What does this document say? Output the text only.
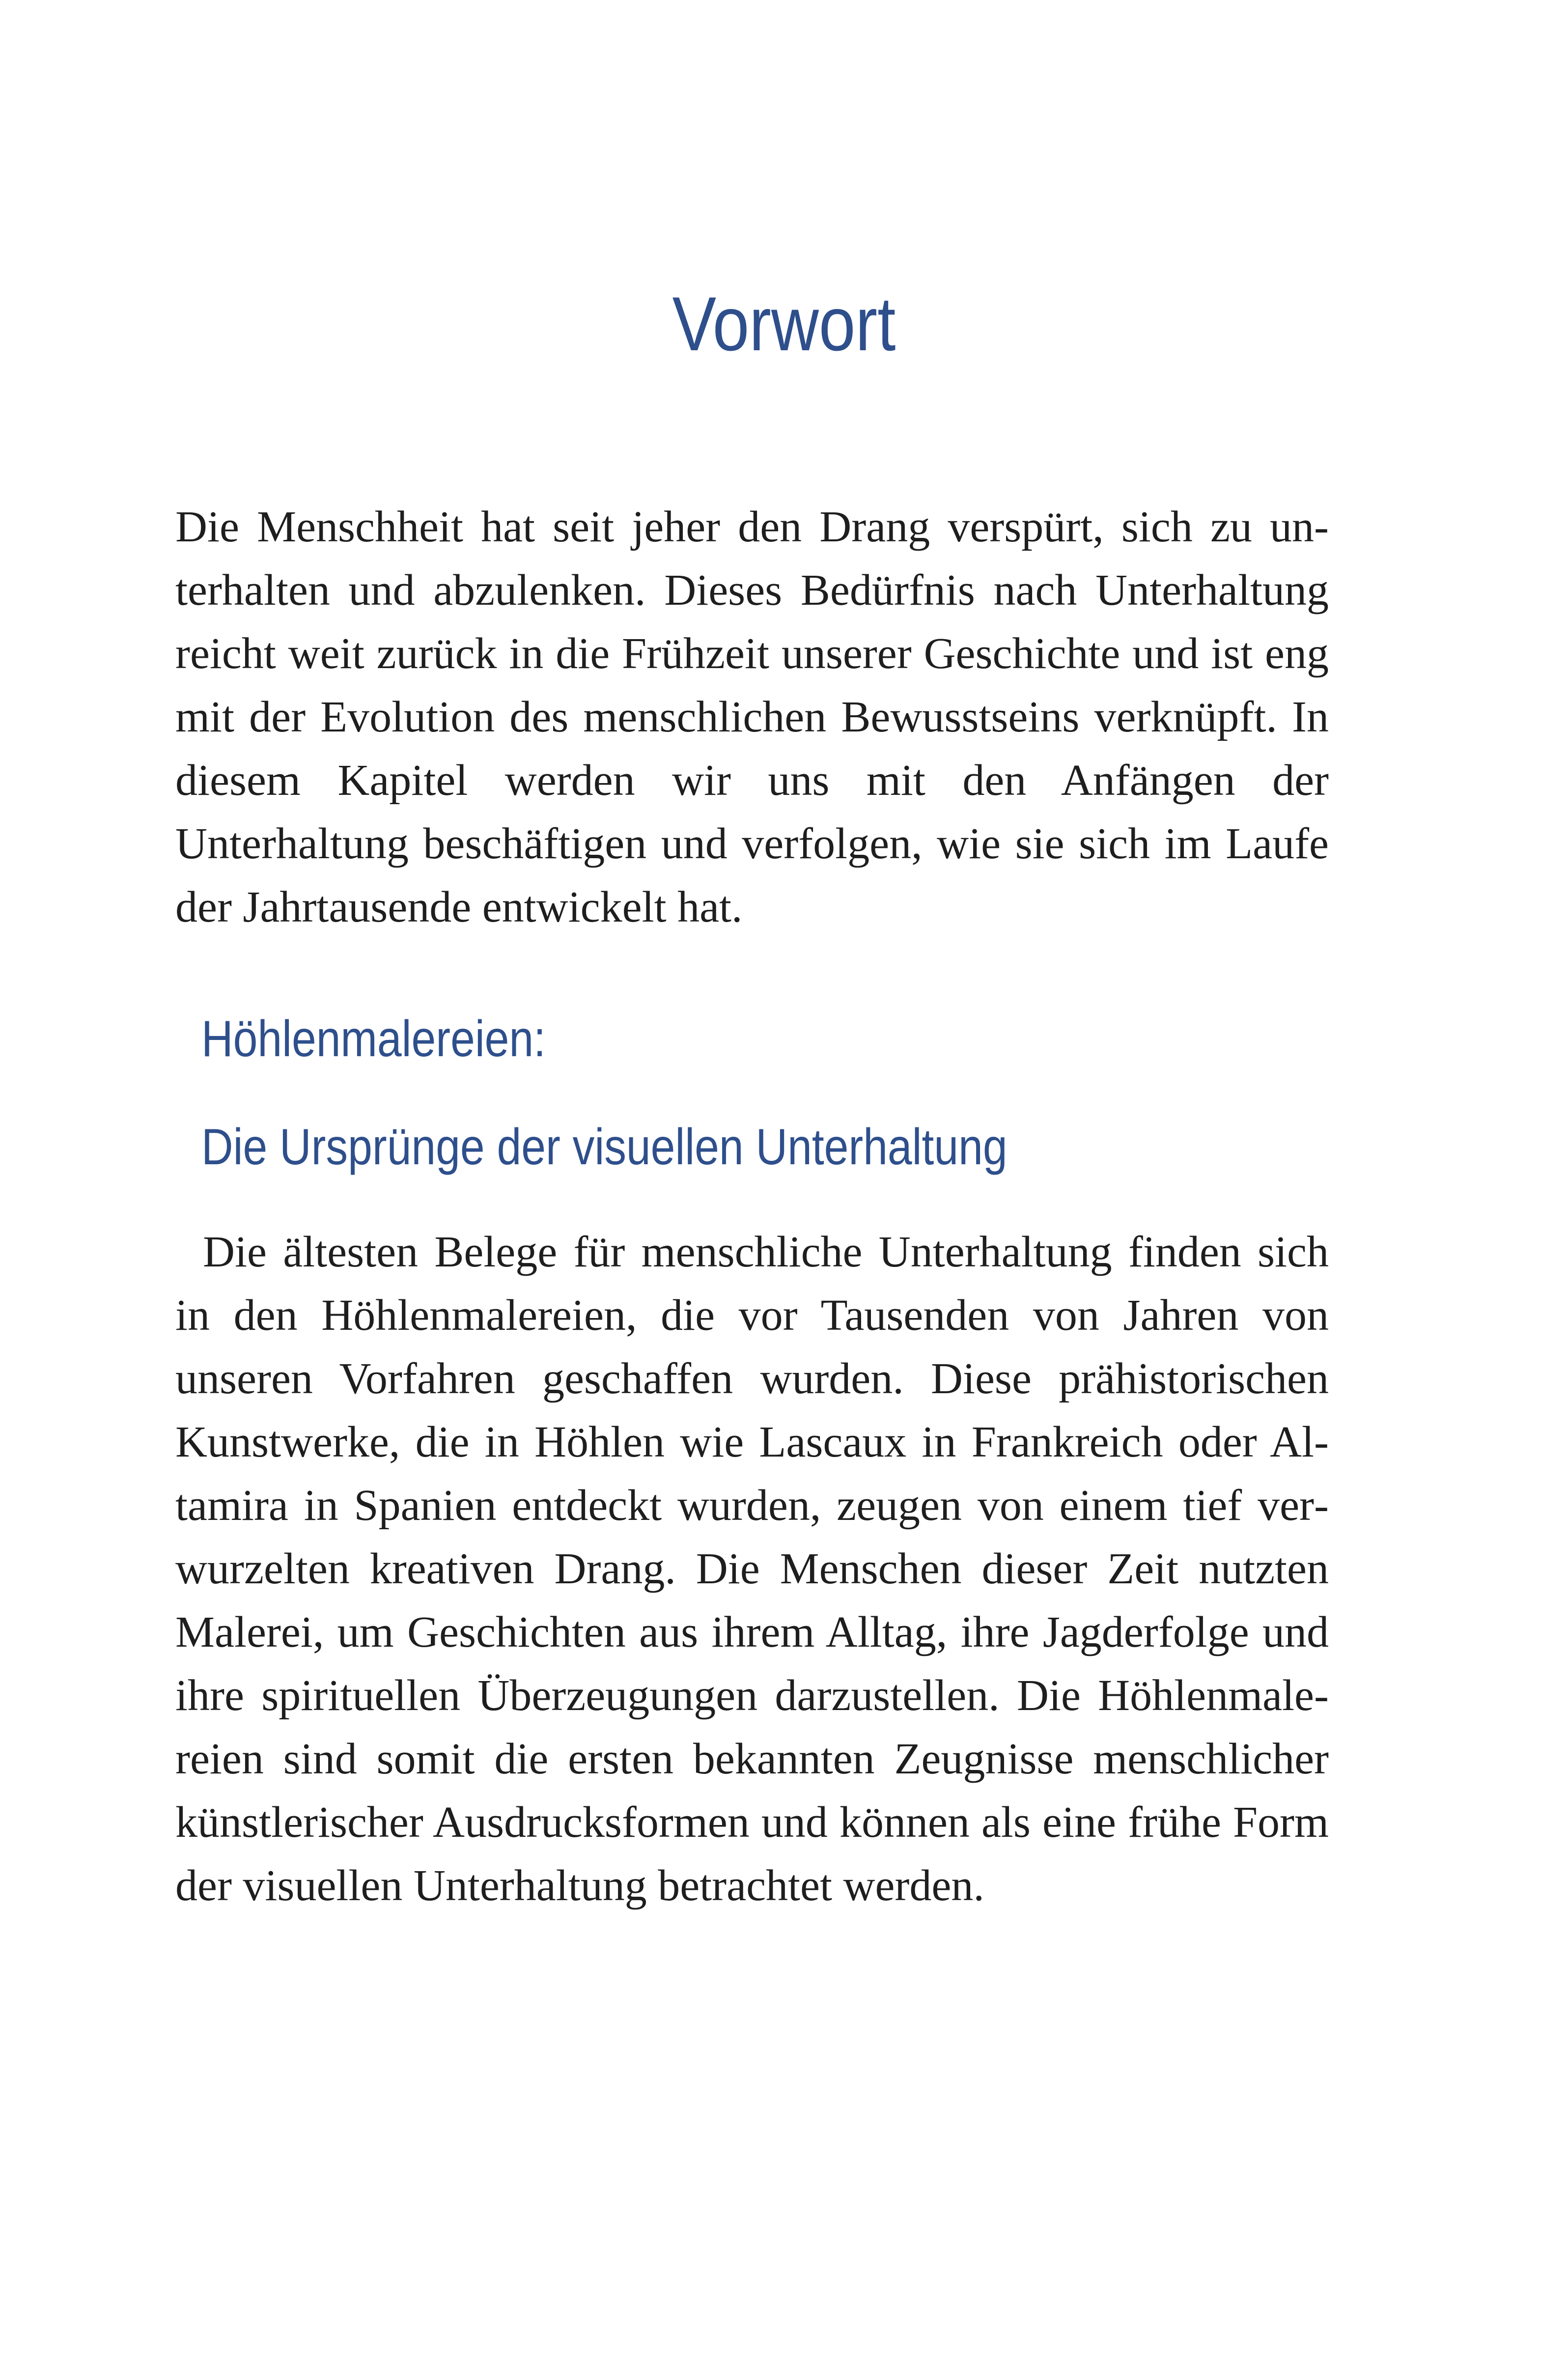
Vorwort

Die Menschheit hat seit jeher den Drang verspürt, sich zu unterhalten und abzulenken. Dieses Bedürfnis nach Unterhaltung reicht weit zurück in die Frühzeit unserer Geschichte und ist eng mit der Evolution des menschlichen Bewusstseins verknüpft. In diesem Kapitel werden wir uns mit den Anfängen der Unterhaltung beschäftigen und verfolgen, wie sie sich im Laufe der Jahrtausende entwickelt hat.

Höhlenmalereien:
Die Ursprünge der visuellen Unterhaltung

Die ältesten Belege für menschliche Unterhaltung finden sich in den Höhlenmalereien, die vor Tausenden von Jahren von unseren Vorfahren geschaffen wurden. Diese prähistorischen Kunstwerke, die in Höhlen wie Lascaux in Frankreich oder Altamira in Spanien entdeckt wurden, zeugen von einem tief verwurzelten kreativen Drang. Die Menschen dieser Zeit nutzten Malerei, um Geschichten aus ihrem Alltag, ihre Jagderfolge und ihre spirituellen Überzeugungen darzustellen. Die Höhlenmalereien sind somit die ersten bekannten Zeugnisse menschlicher künstlerischer Ausdrucksformen und können als eine frühe Form der visuellen Unterhaltung betrachtet werden.
